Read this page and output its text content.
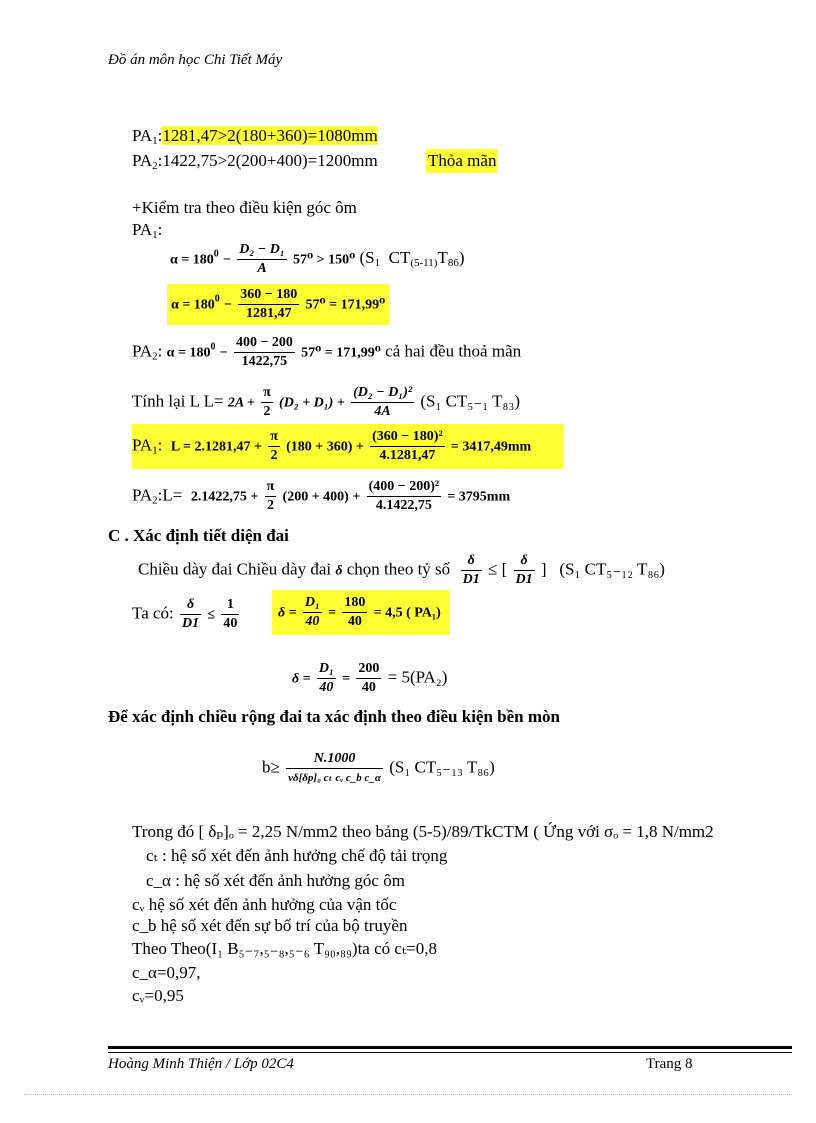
Đồ án môn học Chi Tiết Máy
$PA_1:1281,47>2(180+360)=1080mm$
$PA_2:1422,75>2(200+400)=1200mm$	Thỏa mãn
+Kiểm tra theo điều kiện góc ôm
$PA_1$:
$\alpha = 180^0 - \frac{\text{D₂ − D₁}}{A} 57^0 > 150^0$ ($S_1$ $CT_{(5-11)}T_{86}$)
$\alpha = 180^0 - \frac{360 - 180}{1281,47} 57^0 = 171,99^0$
$PA_2$: $\alpha = 180^0 - \frac{400 - 200}{1422,75} 57^0 = 171,99^0$ cả hai đều thoả mãn
Tính lại L $L= 2A + \frac{\pi}{2} (D_2 + D_1) + \frac{\text{(D₂ − D₁)²}}{4A} (S_1$ CT₅₋₁ T₈₃)
$PA_1$:  $L = 2.1281,47 + \frac{\pi}{2} (180 + 360) + \frac{\text{(360 − 180)²}}{4.1281,47} = 3417,49mm$
$PA_2:L= 2.1422,75 + \frac{\pi}{2} (200 + 400) + \frac{\text{(400 − 200)²}}{4.1422,75} = 3795mm$
C . Xác định tiết diện đai
Chiều dày đai Chiều dày đai δ chọn theo tỷ số $\frac{\delta}{D1}$ ≤ [ $\frac{\delta}{D1}$ ] (S₁ CT₅₋₁₂ T₈₆)
Ta có: $\frac{\delta}{D1} \le \frac{1}{40}$	$\delta = \frac{\text{D₁}}{40} = \frac{180}{40} = 4,5$ ( PA₁)
$\delta = \frac{\text{D₁}}{40} = \frac{200}{40} = 5(PA_2)$
Để xác định chiều rộng đai ta xác định theo điều kiện bền mòn
$b\ge \frac{N.1000}{\text{vδ[δp]₀ cₜ cᵥ c\_b c\_α}} (S_1$ CT₅₋₁₃ T₈₆)
Trong đó [ δₚ]ₒ = 2,25 N/mm2 theo bảng (5-5)/89/TkCTM ( Ứng với σₒ = 1,8 N/mm2
cₜ : hệ số xét đến ảnh hưởng chế độ tải trọng
c_α : hệ số xét đến ảnh hưởng góc ôm
cᵥ hệ số xét đến ảnh hưởng của vận tốc
c_b hệ số xét đến sự bố trí của bộ truyền
Theo Theo(I₁ B₅₋₇,₅₋₈,₅₋₆ T₉₀,₈₉)ta có cₜ=0,8
c_α=0,97,
cᵥ=0,95
Hoàng Minh Thiện / Lớp 02C4	Trang 8
